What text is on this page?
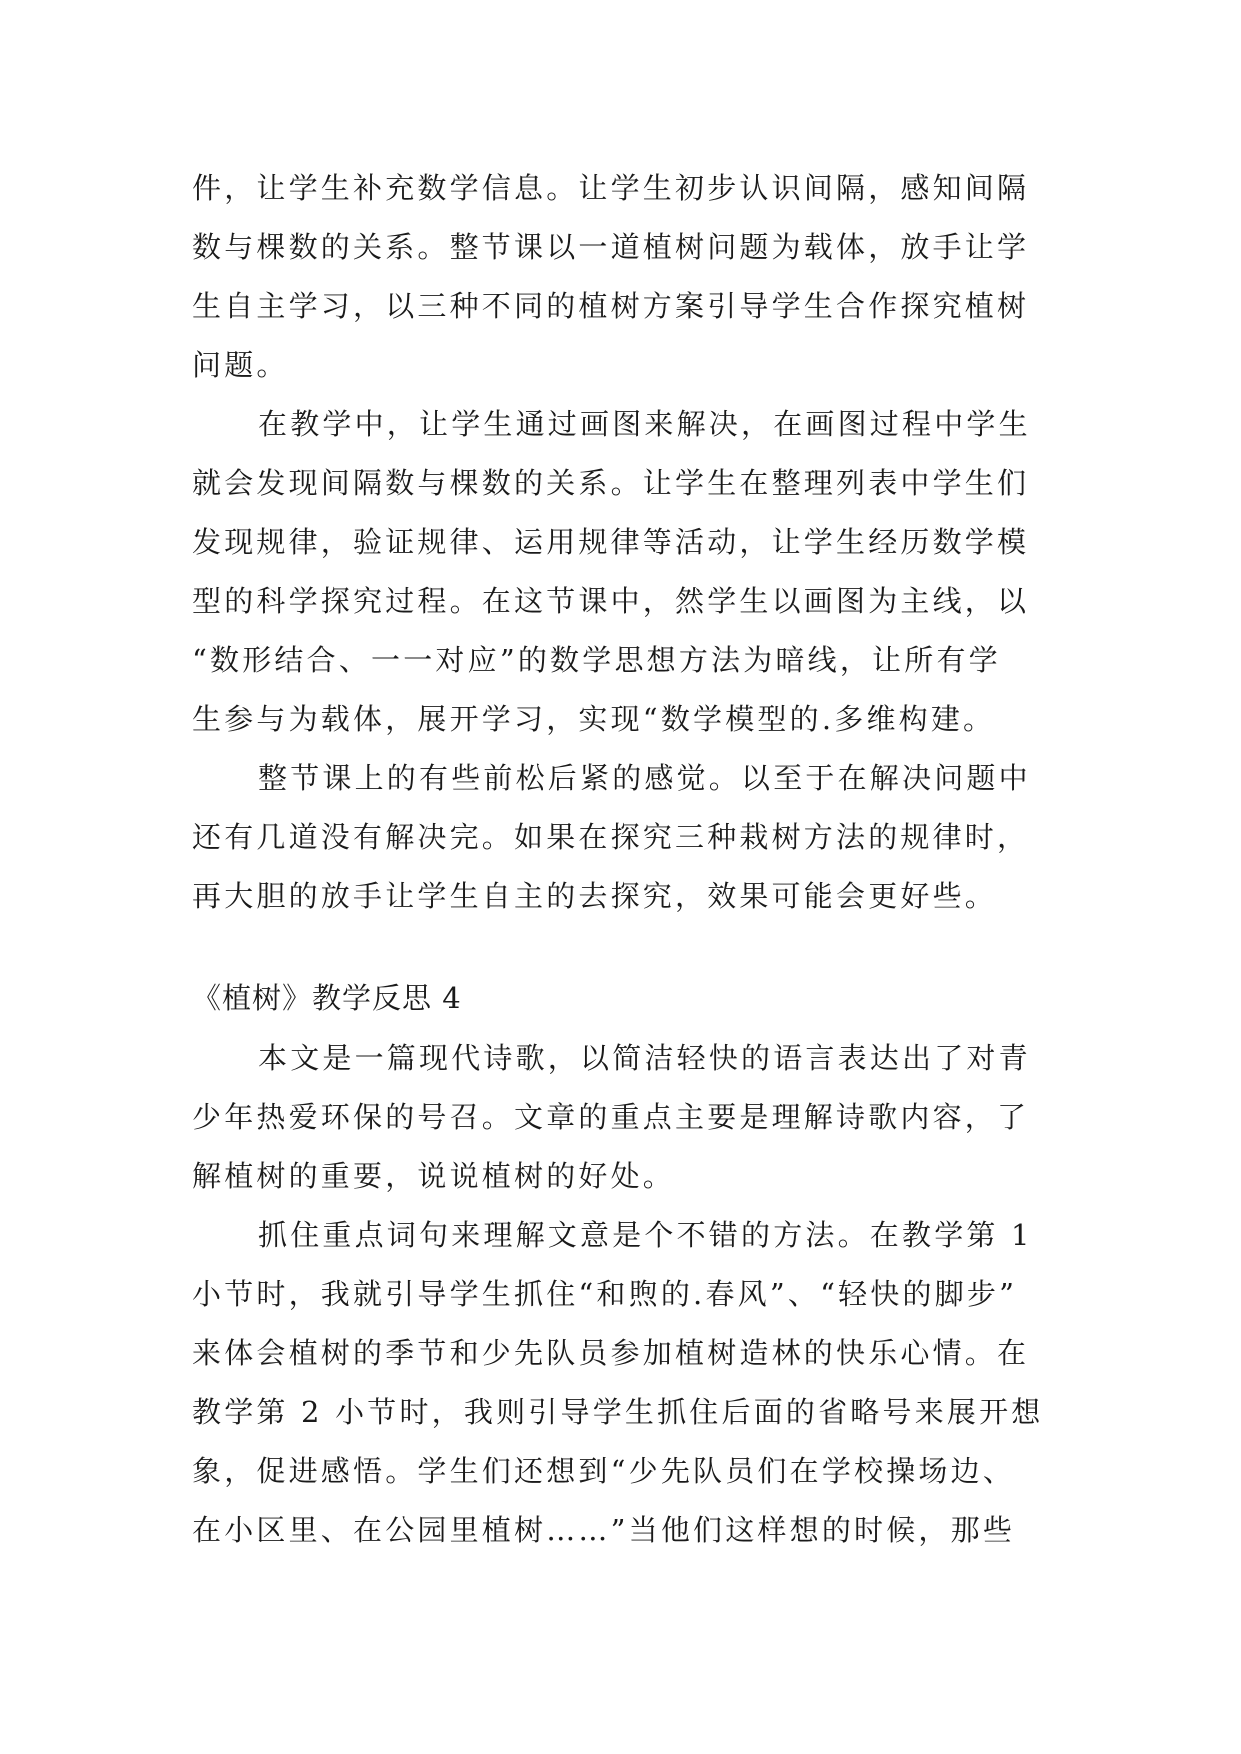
件，让学生补充数学信息。让学生初步认识间隔，感知间隔
数与棵数的关系。整节课以一道植树问题为载体，放手让学
生自主学习，以三种不同的植树方案引导学生合作探究植树
问题。
在教学中，让学生通过画图来解决，在画图过程中学生
就会发现间隔数与棵数的关系。让学生在整理列表中学生们
发现规律，验证规律、运用规律等活动，让学生经历数学模
型的科学探究过程。在这节课中，然学生以画图为主线，以
“数形结合、一一对应”的数学思想方法为暗线，让所有学
生参与为载体，展开学习，实现“数学模型的.多维构建。
整节课上的有些前松后紧的感觉。以至于在解决问题中
还有几道没有解决完。如果在探究三种栽树方法的规律时，
再大胆的放手让学生自主的去探究，效果可能会更好些。
《植树》教学反思 4
本文是一篇现代诗歌，以简洁轻快的语言表达出了对青
少年热爱环保的号召。文章的重点主要是理解诗歌内容，了
解植树的重要，说说植树的好处。
抓住重点词句来理解文意是个不错的方法。在教学第 1
小节时，我就引导学生抓住“和煦的.春风”、“轻快的脚步”
来体会植树的季节和少先队员参加植树造林的快乐心情。在
教学第 2 小节时，我则引导学生抓住后面的省略号来展开想
象，促进感悟。学生们还想到“少先队员们在学校操场边、
在小区里、在公园里植树……”当他们这样想的时候，那些
